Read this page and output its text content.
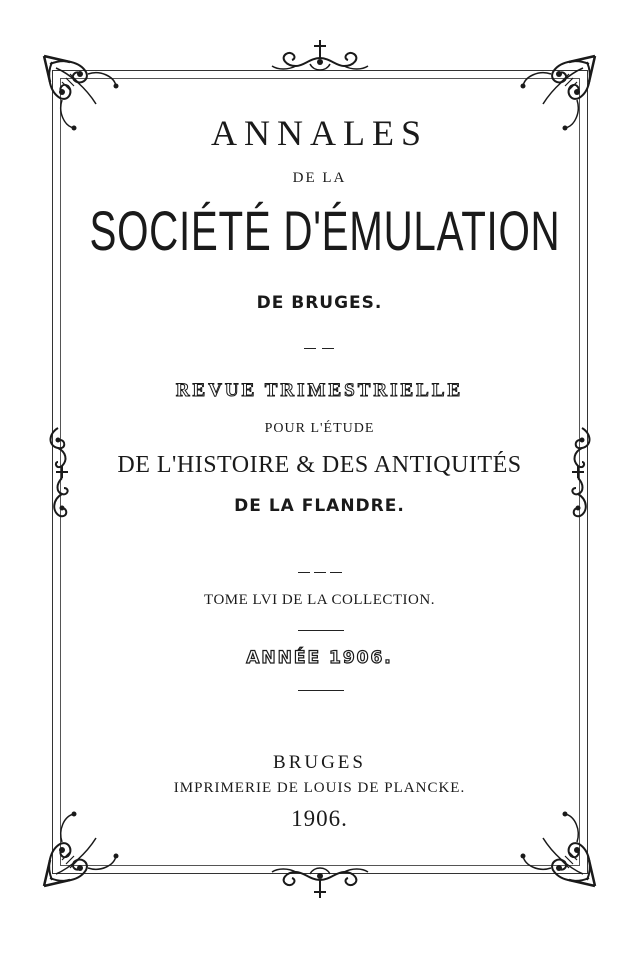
ANNALES
DE LA
SOCIÉTÉ D'ÉMULATION
DE BRUGES.
REVUE TRIMESTRIELLE
POUR L'ÉTUDE
DE L'HISTOIRE & DES ANTIQUITÉS
DE LA FLANDRE.
TOME LVI DE LA COLLECTION.
ANNÉE 1906.
BRUGES
IMPRIMERIE DE LOUIS DE PLANCKE.
1906.
